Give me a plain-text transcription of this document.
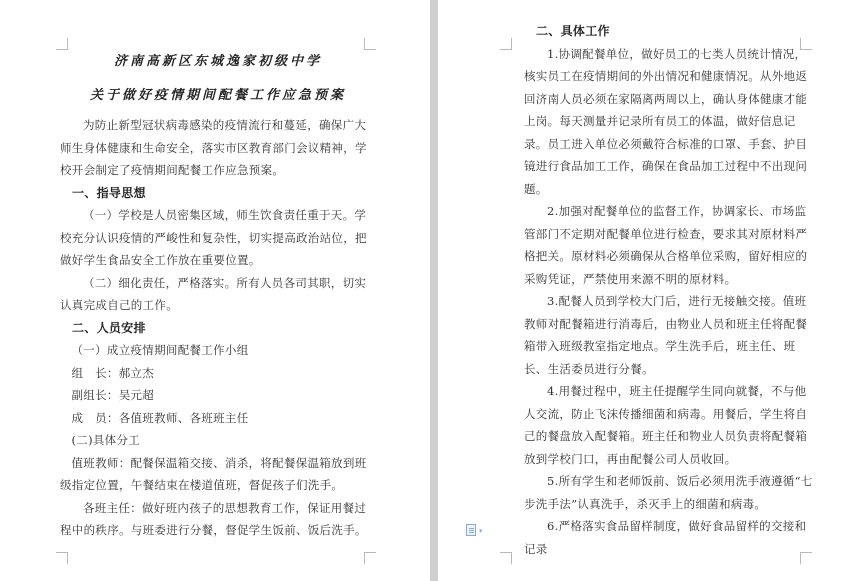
济南高新区东城逸家初级中学
关于做好疫情期间配餐工作应急预案
为防止新型冠状病毒感染的疫情流行和蔓延，确保广大师生身体健康和生命安全，落实市区教育部门会议精神，学校开会制定了疫情期间配餐工作应急预案。
一、指导思想
（一）学校是人员密集区域，师生饮食责任重于天。学校充分认识疫情的严峻性和复杂性，切实提高政治站位，把做好学生食品安全工作放在重要位置。
（二）细化责任，严格落实。所有人员各司其职，切实认真完成自己的工作。
二、人员安排
（一）成立疫情期间配餐工作小组
组　长：郝立杰
副组长：吴元超
成　员：各值班教师、各班班主任
(二)具体分工
值班教师：配餐保温箱交接、消杀，将配餐保温箱放到班级指定位置，午餐结束在楼道值班，督促孩子们洗手。
各班主任：做好班内孩子的思想教育工作，保证用餐过程中的秩序。与班委进行分餐，督促学生饭前、饭后洗手。
二、具体工作
1.协调配餐单位，做好员工的七类人员统计情况，核实员工在疫情期间的外出情况和健康情况。从外地返回济南人员必须在家隔离两周以上，确认身体健康才能上岗。每天测量并记录所有员工的体温，做好信息记录。员工进入单位必须戴符合标准的口罩、手套、护目镜进行食品加工工作，确保在食品加工过程中不出现问题。
2.加强对配餐单位的监督工作，协调家长、市场监管部门不定期对配餐单位进行检查，要求其对原材料严格把关。原材料必须确保从合格单位采购，留好相应的采购凭证，严禁使用来源不明的原材料。
3.配餐人员到学校大门后，进行无接触交接。值班教师对配餐箱进行消毒后，由物业人员和班主任将配餐箱带入班级教室指定地点。学生洗手后，班主任、班长、生活委员进行分餐。
4.用餐过程中，班主任提醒学生同向就餐，不与他人交流，防止飞沫传播细菌和病毒。用餐后，学生将自己的餐盘放入配餐箱。班主任和物业人员负责将配餐箱放到学校门口，再由配餐公司人员收回。
5.所有学生和老师饭前、饭后必须用洗手液遵循“七步洗手法”认真洗手，杀灭手上的细菌和病毒。
6.严格落实食品留样制度，做好食品留样的交接和记录
▾
